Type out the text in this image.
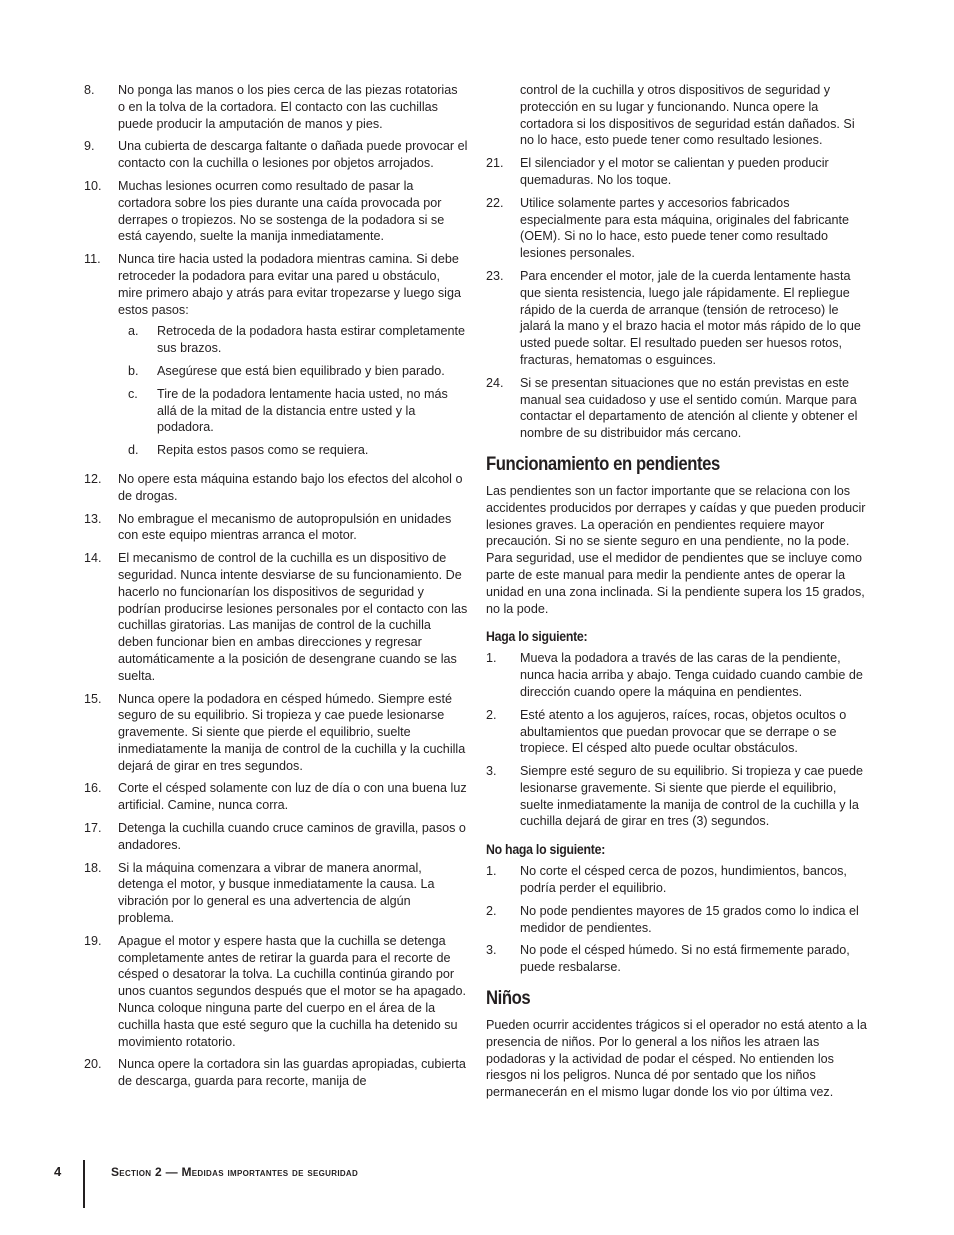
8.	No ponga las manos o los pies cerca de las piezas rotatorias o en la tolva de la cortadora. El contacto con las cuchillas puede producir la amputación de manos y pies.
9.	Una cubierta de descarga faltante o dañada puede provocar el contacto con la cuchilla o lesiones por objetos arrojados.
10.	Muchas lesiones ocurren como resultado de pasar la cortadora sobre los pies durante una caída provocada por derrapes o tropiezos. No se sostenga de la podadora si se está cayendo, suelte la manija inmediatamente.
11.	Nunca tire hacia usted la podadora mientras camina. Si debe retroceder la podadora para evitar una pared u obstáculo, mire primero abajo y atrás para evitar tropezarse y luego siga estos pasos:
a.	Retroceda de la podadora hasta estirar completamente sus brazos.
b.	Asegúrese que está bien equilibrado y bien parado.
c.	Tire de la podadora lentamente hacia usted, no más allá de la mitad de la distancia entre usted y la podadora.
d.	Repita estos pasos como se requiera.
12.	No opere esta máquina estando bajo los efectos del alcohol o de drogas.
13.	No embrague el mecanismo de autopropulsión en unidades con este equipo mientras arranca el motor.
14.	El mecanismo de control de la cuchilla es un dispositivo de seguridad. Nunca intente desviarse de su funcionamiento. De hacerlo no funcionarían los dispositivos de seguridad y podrían producirse lesiones personales por el contacto con las cuchillas giratorias. Las manijas de control de la cuchilla deben funcionar bien en ambas direcciones y regresar automáticamente a la posición de desengrane cuando se las suelta.
15.	Nunca opere la podadora en césped húmedo. Siempre esté seguro de su equilibrio. Si tropieza y cae puede lesionarse gravemente. Si siente que pierde el equilibrio, suelte inmediatamente la manija de control de la cuchilla y la cuchilla dejará de girar en tres segundos.
16.	Corte el césped solamente con luz de día o con una buena luz artificial. Camine, nunca corra.
17.	Detenga la cuchilla cuando cruce caminos de gravilla, pasos o andadores.
18.	Si la máquina comenzara a vibrar de manera anormal, detenga el motor, y busque inmediatamente la causa. La vibración por lo general es una advertencia de algún problema.
19.	Apague el motor y espere hasta que la cuchilla se detenga completamente antes de retirar la guarda para el recorte de césped o desatorar la tolva. La cuchilla continúa girando por unos cuantos segundos después que el motor se ha apagado. Nunca coloque ninguna parte del cuerpo en el área de la cuchilla hasta que esté seguro que la cuchilla ha detenido su movimiento rotatorio.
20.	Nunca opere la cortadora sin las guardas apropiadas, cubierta de descarga, guarda para recorte, manija de
control de la cuchilla y otros dispositivos de seguridad y protección en su lugar y funcionando. Nunca opere la cortadora si los dispositivos de seguridad están dañados. Si no lo hace, esto puede tener como resultado lesiones.
21.	El silenciador y el motor se calientan y pueden producir quemaduras. No los toque.
22.	Utilice solamente partes y accesorios fabricados especialmente para esta máquina, originales del fabricante (OEM). Si no lo hace, esto puede tener como resultado lesiones personales.
23.	Para encender el motor, jale de la cuerda lentamente hasta que sienta resistencia, luego jale rápidamente. El repliegue rápido de la cuerda de arranque (tensión de retroceso) le jalará la mano y el brazo hacia el motor más rápido de lo que usted puede soltar. El resultado pueden ser huesos rotos, fracturas, hematomas o esguinces.
24.	Si se presentan situaciones que no están previstas en este manual sea cuidadoso y use el sentido común. Marque para contactar el departamento de atención al cliente y obtener el nombre de su distribuidor más cercano.
Funcionamiento en pendientes

Las pendientes son un factor importante que se relaciona con los accidentes producidos por derrapes y caídas y que pueden producir lesiones graves. La operación en pendientes requiere mayor precaución. Si no se siente seguro en una pendiente, no la pode. Para seguridad, use el medidor de pendientes que se incluye como parte de este manual para medir la pendiente antes de operar la unidad en una zona inclinada. Si la pendiente supera los 15 grados, no la pode.

Haga lo siguiente:
1.	Mueva la podadora a través de las caras de la pendiente, nunca hacia arriba y abajo. Tenga cuidado cuando cambie de dirección cuando opere la máquina en pendientes.
2.	Esté atento a los agujeros, raíces, rocas, objetos ocultos o abultamientos que puedan provocar que se derrape o se tropiece. El césped alto puede ocultar obstáculos.
3.	Siempre esté seguro de su equilibrio. Si tropieza y cae puede lesionarse gravemente. Si siente que pierde el equilibrio, suelte inmediatamente la manija de control de la cuchilla y la cuchilla dejará de girar en tres (3) segundos.
No haga lo siguiente:
1.	No corte el césped cerca de pozos, hundimientos, bancos, podría perder el equilibrio.
2.	No pode pendientes mayores de 15 grados como lo indica el medidor de pendientes.
3.	No pode el césped húmedo. Si no está firmemente parado, puede resbalarse.
Niños

Pueden ocurrir accidentes trágicos si el operador no está atento a la presencia de niños. Por lo general a los niños les atraen las podadoras y la actividad de podar el césped. No entienden los riesgos ni los peligros. Nunca dé por sentado que los niños permanecerán en el mismo lugar donde los vio por última vez.

4	Section 2 — Medidas importantes de seguridad
